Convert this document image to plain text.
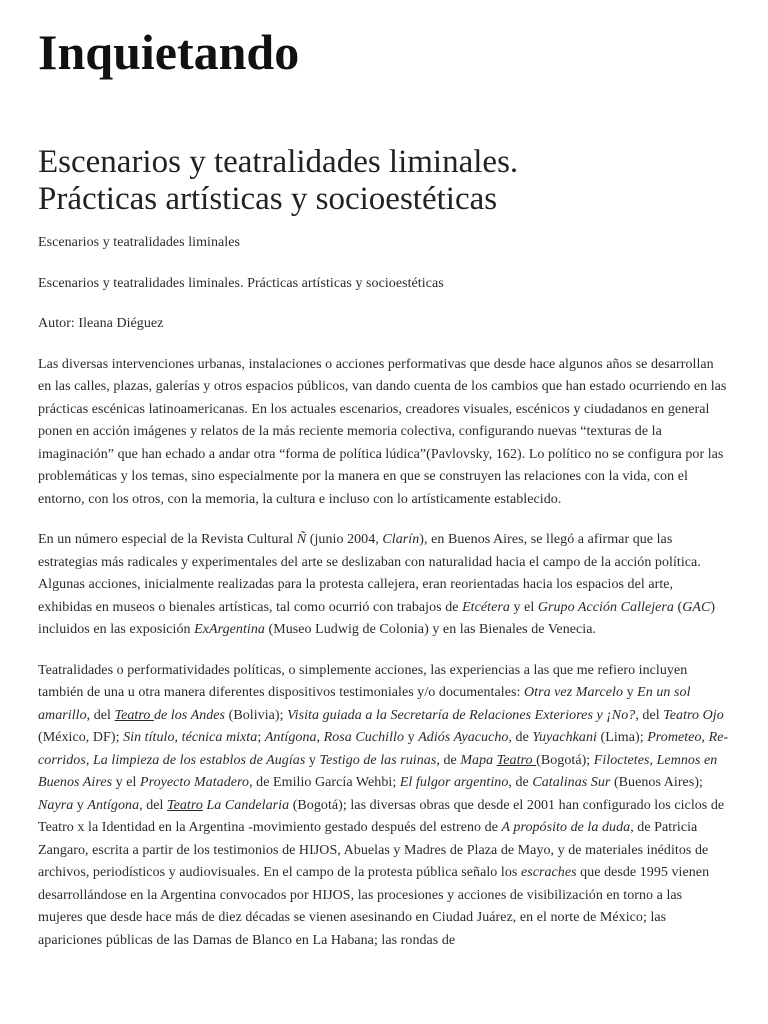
Inquietando
Escenarios y teatralidades liminales.
Prácticas artísticas y socioestéticas

Escenarios y teatralidades liminales

Escenarios y teatralidades liminales. Prácticas artísticas y socioestéticas

Autor: Ileana Diéguez

Las diversas intervenciones urbanas, instalaciones o acciones performativas que desde hace algunos años se desarrollan en las calles, plazas, galerías y otros espacios públicos, van dando cuenta de los cambios que han estado ocurriendo en las prácticas escénicas latinoamericanas. En los actuales escenarios, creadores visuales, escénicos y ciudadanos en general ponen en acción imágenes y relatos de la más reciente memoria colectiva, configurando nuevas “texturas de la imaginación” que han echado a andar otra “forma de política lúdica”(Pavlovsky, 162). Lo político no se configura por las problemáticas y los temas, sino especialmente por la manera en que se construyen las relaciones con la vida, con el entorno, con los otros, con la memoria, la cultura e incluso con lo artísticamente establecido.

En un número especial de la Revista Cultural Ñ (junio 2004, Clarín), en Buenos Aires, se llegó a afirmar que las estrategias más radicales y experimentales del arte se deslizaban con naturalidad hacia el campo de la acción política. Algunas acciones, inicialmente realizadas para la protesta callejera, eran reorientadas hacia los espacios del arte, exhibidas en museos o bienales artísticas, tal como ocurrió con trabajos de Etcétera y el Grupo Acción Callejera (GAC) incluidos en las exposición ExArgentina (Museo Ludwig de Colonia) y en las Bienales de Venecia.

Teatralidades o performatividades políticas, o simplemente acciones, las experiencias a las que me refiero incluyen también de una u otra manera diferentes dispositivos testimoniales y/o documentales: Otra vez Marcelo y En un sol amarillo, del Teatro de los Andes (Bolivia); Visita guiada a la Secretaría de Relaciones Exteriores y ¡No?, del Teatro Ojo (México, DF); Sin título, técnica mixta; Antígona, Rosa Cuchillo y Adiós Ayacucho, de Yuyachkani (Lima); Prometeo, Re-corridos, La limpieza de los establos de Augías y Testigo de las ruinas, de Mapa Teatro (Bogotá); Filoctetes, Lemnos en Buenos Aires y el Proyecto Matadero, de Emilio García Wehbi; El fulgor argentino, de Catalinas Sur (Buenos Aires); Nayra y Antígona, del Teatro La Candelaria (Bogotá); las diversas obras que desde el 2001 han configurado los ciclos de Teatro x la Identidad en la Argentina -movimiento gestado después del estreno de A propósito de la duda, de Patricia Zangaro, escrita a partir de los testimonios de HIJOS, Abuelas y Madres de Plaza de Mayo, y de materiales inéditos de archivos, periodísticos y audiovisuales. En el campo de la protesta pública señalo los escraches que desde 1995 vienen desarrollándose en la Argentina convocados por HIJOS, las procesiones y acciones de visibilización en torno a las mujeres que desde hace más de diez décadas se vienen asesinando en Ciudad Juárez, en el norte de México; las apariciones públicas de las Damas de Blanco en La Habana; las rondas de
